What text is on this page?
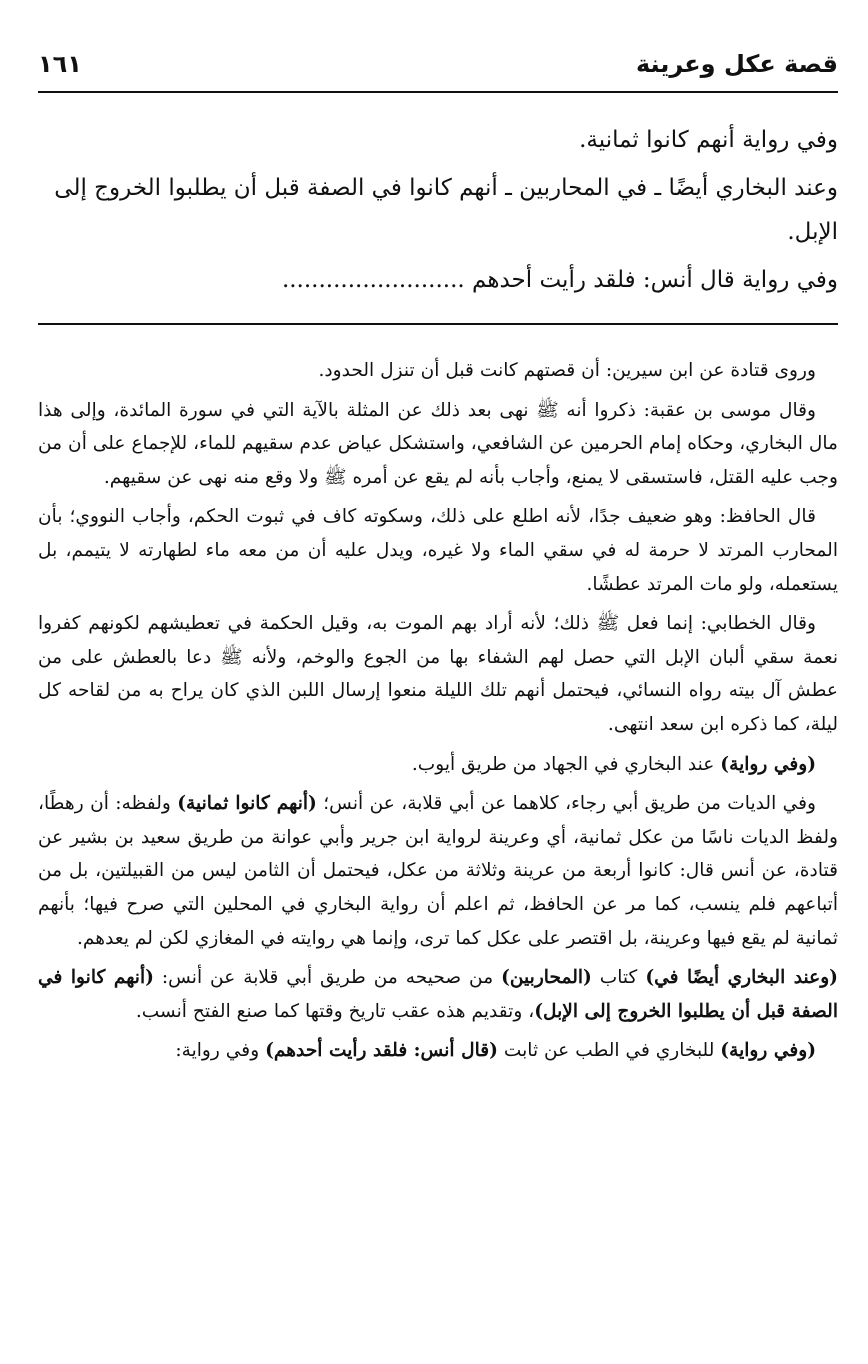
قصة عكل وعرينة
١٦١

وفي رواية أنهم كانوا ثمانية.

وعند البخاري أيضًا ـ في المحاربين ـ أنهم كانوا في الصفة قبل أن يطلبوا الخروج إلى الإبل.

وفي رواية قال أنس: فلقد رأيت أحدهم .........................

وروى قتادة عن ابن سيرين: أن قصتهم كانت قبل أن تنزل الحدود.

وقال موسى بن عقبة: ذكروا أنه ﷺ نهى بعد ذلك عن المثلة بالآية التي في سورة المائدة، وإلى هذا مال البخاري، وحكاه إمام الحرمين عن الشافعي، واستشكل عياض عدم سقيهم للماء، للإجماع على أن من وجب عليه القتل، فاستسقى لا يمنع، وأجاب بأنه لم يقع عن أمره ﷺ ولا وقع منه نهى عن سقيهم.

قال الحافظ: وهو ضعيف جدًا، لأنه اطلع على ذلك، وسكوته كاف في ثبوت الحكم، وأجاب النووي؛ بأن المحارب المرتد لا حرمة له في سقي الماء ولا غيره، ويدل عليه أن من معه ماء لطهارته لا يتيمم، بل يستعمله، ولو مات المرتد عطشًا.

وقال الخطابي: إنما فعل ﷺ ذلك؛ لأنه أراد بهم الموت به، وقيل الحكمة في تعطيشهم لكونهم كفروا نعمة سقي ألبان الإبل التي حصل لهم الشفاء بها من الجوع والوخم، ولأنه ﷺ دعا بالعطش على من عطش آل بيته رواه النسائي، فيحتمل أنهم تلك الليلة منعوا إرسال اللبن الذي كان يراح به من لقاحه كل ليلة، كما ذكره ابن سعد انتهى.

(وفي رواية) عند البخاري في الجهاد من طريق أيوب.

وفي الديات من طريق أبي رجاء، كلاهما عن أبي قلابة، عن أنس؛ (أنهم كانوا ثمانية) ولفظه: أن رهطًا، ولفظ الديات ناسًا من عكل ثمانية، أي وعرينة لرواية ابن جرير وأبي عوانة من طريق سعيد بن بشير عن قتادة، عن أنس قال: كانوا أربعة من عرينة وثلاثة من عكل، فيحتمل أن الثامن ليس من القبيلتين، بل من أتباعهم فلم ينسب، كما مر عن الحافظ، ثم اعلم أن رواية البخاري في المحلين التي صرح فيها؛ بأنهم ثمانية لم يقع فيها وعرينة، بل اقتصر على عكل كما ترى، وإنما هي روايته في المغازي لكن لم يعدهم.

(وعند البخاري أيضًا في) كتاب (المحاربين) من صحيحه من طريق أبي قلابة عن أنس: (أنهم كانوا في الصفة قبل أن يطلبوا الخروج إلى الإبل)، وتقديم هذه عقب تاريخ وقتها كما صنع الفتح أنسب.

(وفي رواية) للبخاري في الطب عن ثابت (قال أنس: فلقد رأيت أحدهم) وفي رواية:
